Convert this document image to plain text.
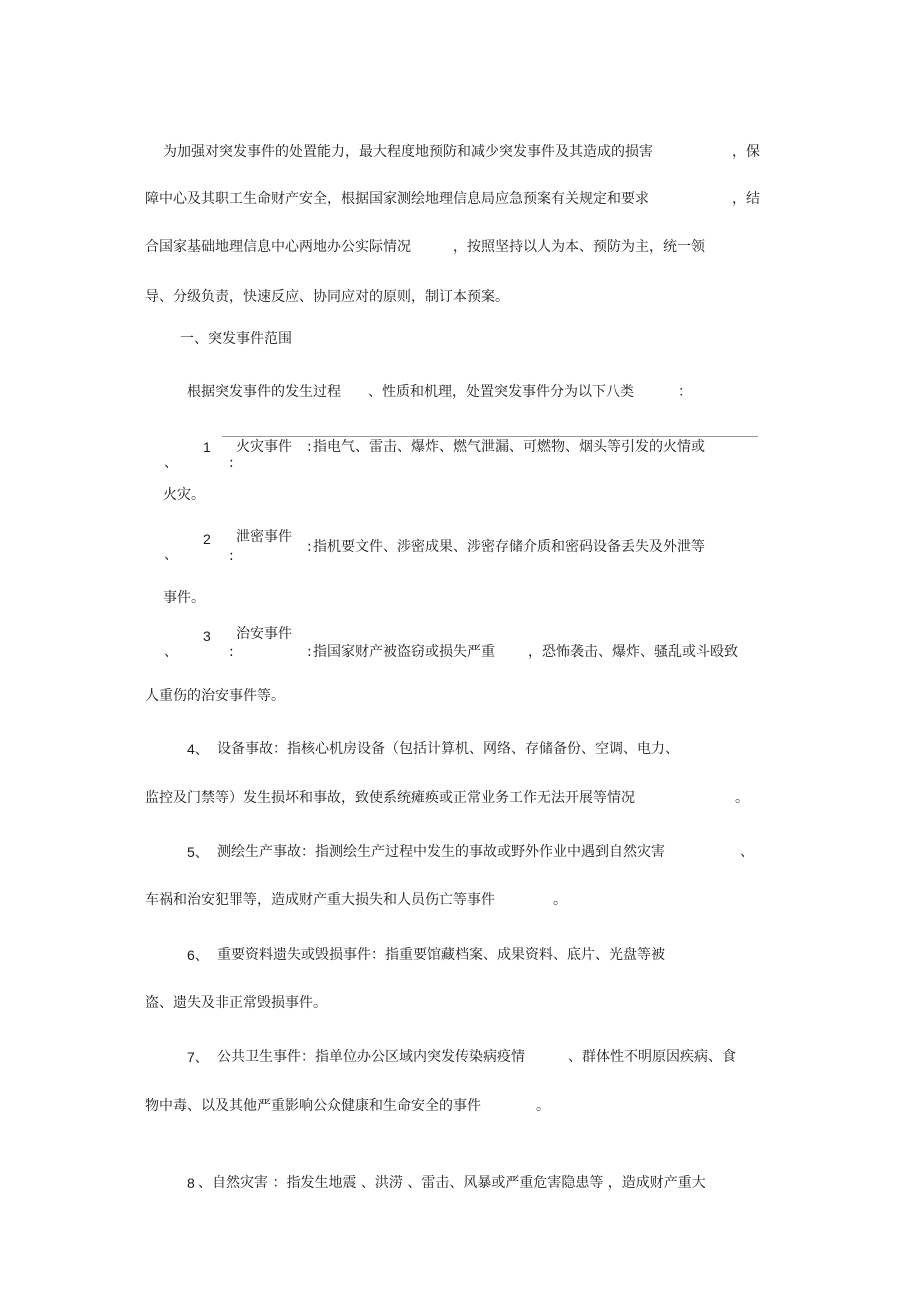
为加强对突发事件的处置能力，最大程度地预防和减少突发事件及其造成的损害	，保
障中心及其职工生命财产安全，根据国家测绘地理信息局应急预案有关规定和要求	，结
合国家基础地理信息中心两地办公实际情况	，按照坚持以人为本、预防为主，统一领
导、分级负责，快速反应、协同应对的原则，制订本预案。
一、突发事件范围
根据突发事件的发生过程 、性质和机理，处置突发事件分为以下八类	：
1
、
火灾事件 :
:
指电气、雷击、爆炸、燃气泄漏、可燃物、烟头等引发的火情或
火灾。
2
、
泄密事件
:
: 指机要文件、涉密成果、涉密存储介质和密码设备丢失及外泄等
事件。
3
、
治安事件
:	: 指国家财产被盗窃或损失严重 ，恐怖袭击、爆炸、骚乱或斗殴致
人重伤的治安事件等。
4、 设备事故：指核心机房设备（包括计算机、网络、存储备份、空调、电力、
监控及门禁等）发生损坏和事故，致使系统瘫痪或正常业务工作无法开展等情况	。
5、 测绘生产事故：指测绘生产过程中发生的事故或野外作业中遇到自然灾害	、
车祸和治安犯罪等，造成财产重大损失和人员伤亡等事件	。
6、 重要资料遗失或毁损事件：指重要馆藏档案、成果资料、底片、光盘等被
盗、遗失及非正常毁损事件。
7、 公共卫生事件：指单位办公区域内突发传染病疫情	、群体性不明原因疾病、食
物中毒、以及其他严重影响公众健康和生命安全的事件	。
8 、自然灾害 ：指发生地震 、洪涝 、雷击、风暴或严重危害隐患等 ，造成财产重大
